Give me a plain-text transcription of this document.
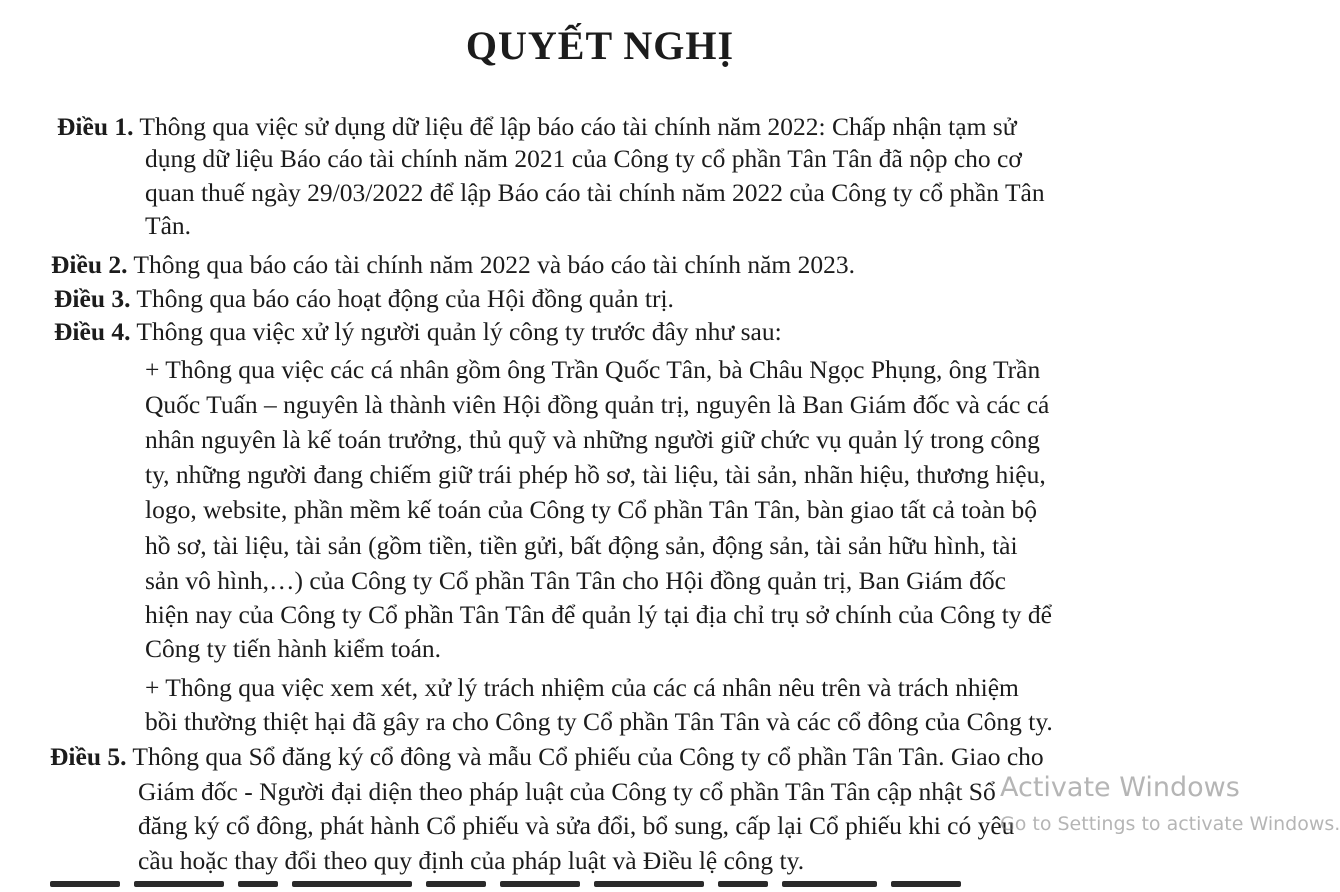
QUYẾT NGHỊ
Điều 1. Thông qua việc sử dụng dữ liệu để lập báo cáo tài chính năm 2022: Chấp nhận tạm sử
dụng dữ liệu Báo cáo tài chính năm 2021 của Công ty cổ phần Tân Tân đã nộp cho cơ
quan thuế ngày 29/03/2022 để lập Báo cáo tài chính năm 2022 của Công ty cổ phần Tân
Tân.
Điều 2. Thông qua báo cáo tài chính năm 2022 và báo cáo tài chính năm 2023.
Điều 3. Thông qua báo cáo hoạt động của Hội đồng quản trị.
Điều 4. Thông qua việc xử lý người quản lý công ty trước đây như sau:
+ Thông qua việc các cá nhân gồm ông Trần Quốc Tân, bà Châu Ngọc Phụng, ông Trần
Quốc Tuấn – nguyên là thành viên Hội đồng quản trị, nguyên là Ban Giám đốc và các cá
nhân nguyên là kế toán trưởng, thủ quỹ và những người giữ chức vụ quản lý trong công
ty, những người đang chiếm giữ trái phép hồ sơ, tài liệu, tài sản, nhãn hiệu, thương hiệu,
logo, website, phần mềm kế toán của Công ty Cổ phần Tân Tân, bàn giao tất cả toàn bộ
hồ sơ, tài liệu, tài sản (gồm tiền, tiền gửi, bất động sản, động sản, tài sản hữu hình, tài
sản vô hình,…) của Công ty Cổ phần Tân Tân cho Hội đồng quản trị, Ban Giám đốc
hiện nay của Công ty Cổ phần Tân Tân để quản lý tại địa chỉ trụ sở chính của Công ty để
Công ty tiến hành kiểm toán.
+ Thông qua việc xem xét, xử lý trách nhiệm của các cá nhân nêu trên và trách nhiệm
bồi thường thiệt hại đã gây ra cho Công ty Cổ phần Tân Tân và các cổ đông của Công ty.
Điều 5. Thông qua Sổ đăng ký cổ đông và mẫu Cổ phiếu của Công ty cổ phần Tân Tân. Giao cho
Giám đốc - Người đại diện theo pháp luật của Công ty cổ phần Tân Tân cập nhật Sổ
đăng ký cổ đông, phát hành Cổ phiếu và sửa đổi, bổ sung, cấp lại Cổ phiếu khi có yêu
cầu hoặc thay đổi theo quy định của pháp luật và Điều lệ công ty.
Activate Windows
Go to Settings to activate Windows.
